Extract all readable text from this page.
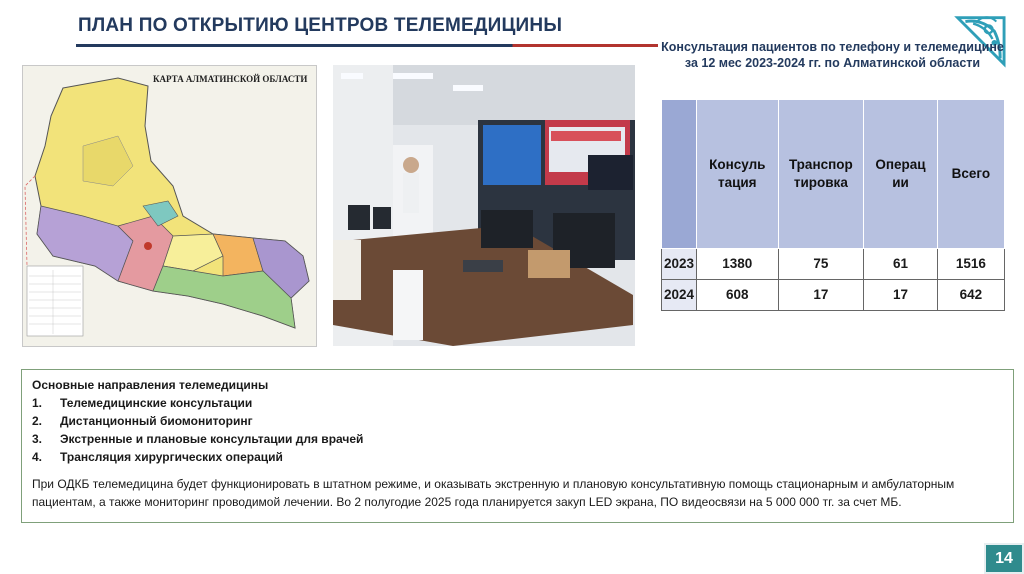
ПЛАН ПО ОТКРЫТИЮ ЦЕНТРОВ ТЕЛЕМЕДИЦИНЫ
КАРТА АЛМАТИНСКОЙ ОБЛАСТИ
Консультация пациентов по телефону и телемедицине за 12 мес 2023-2024 гг. по Алматинской области
	Консуль тация	Транспор тировка	Операц ии	Всего
2023	1380	75	61	1516
2024	608	17	17	642
Основные направления телемедицины
1. Телемедицинские консультации
2. Дистанционный биомониторинг
3. Экстренные и плановые консультации для врачей
4. Трансляция хирургических операций
При ОДКБ телемедицина будет функционировать в штатном режиме, и оказывать экстренную и плановую консультативную помощь стационарным и амбулаторным пациентам, а также мониторинг проводимой лечении. Во 2 полугодие 2025 года планируется закуп LED экрана, ПО видеосвязи на 5 000 000 тг. за счет МБ.
14
